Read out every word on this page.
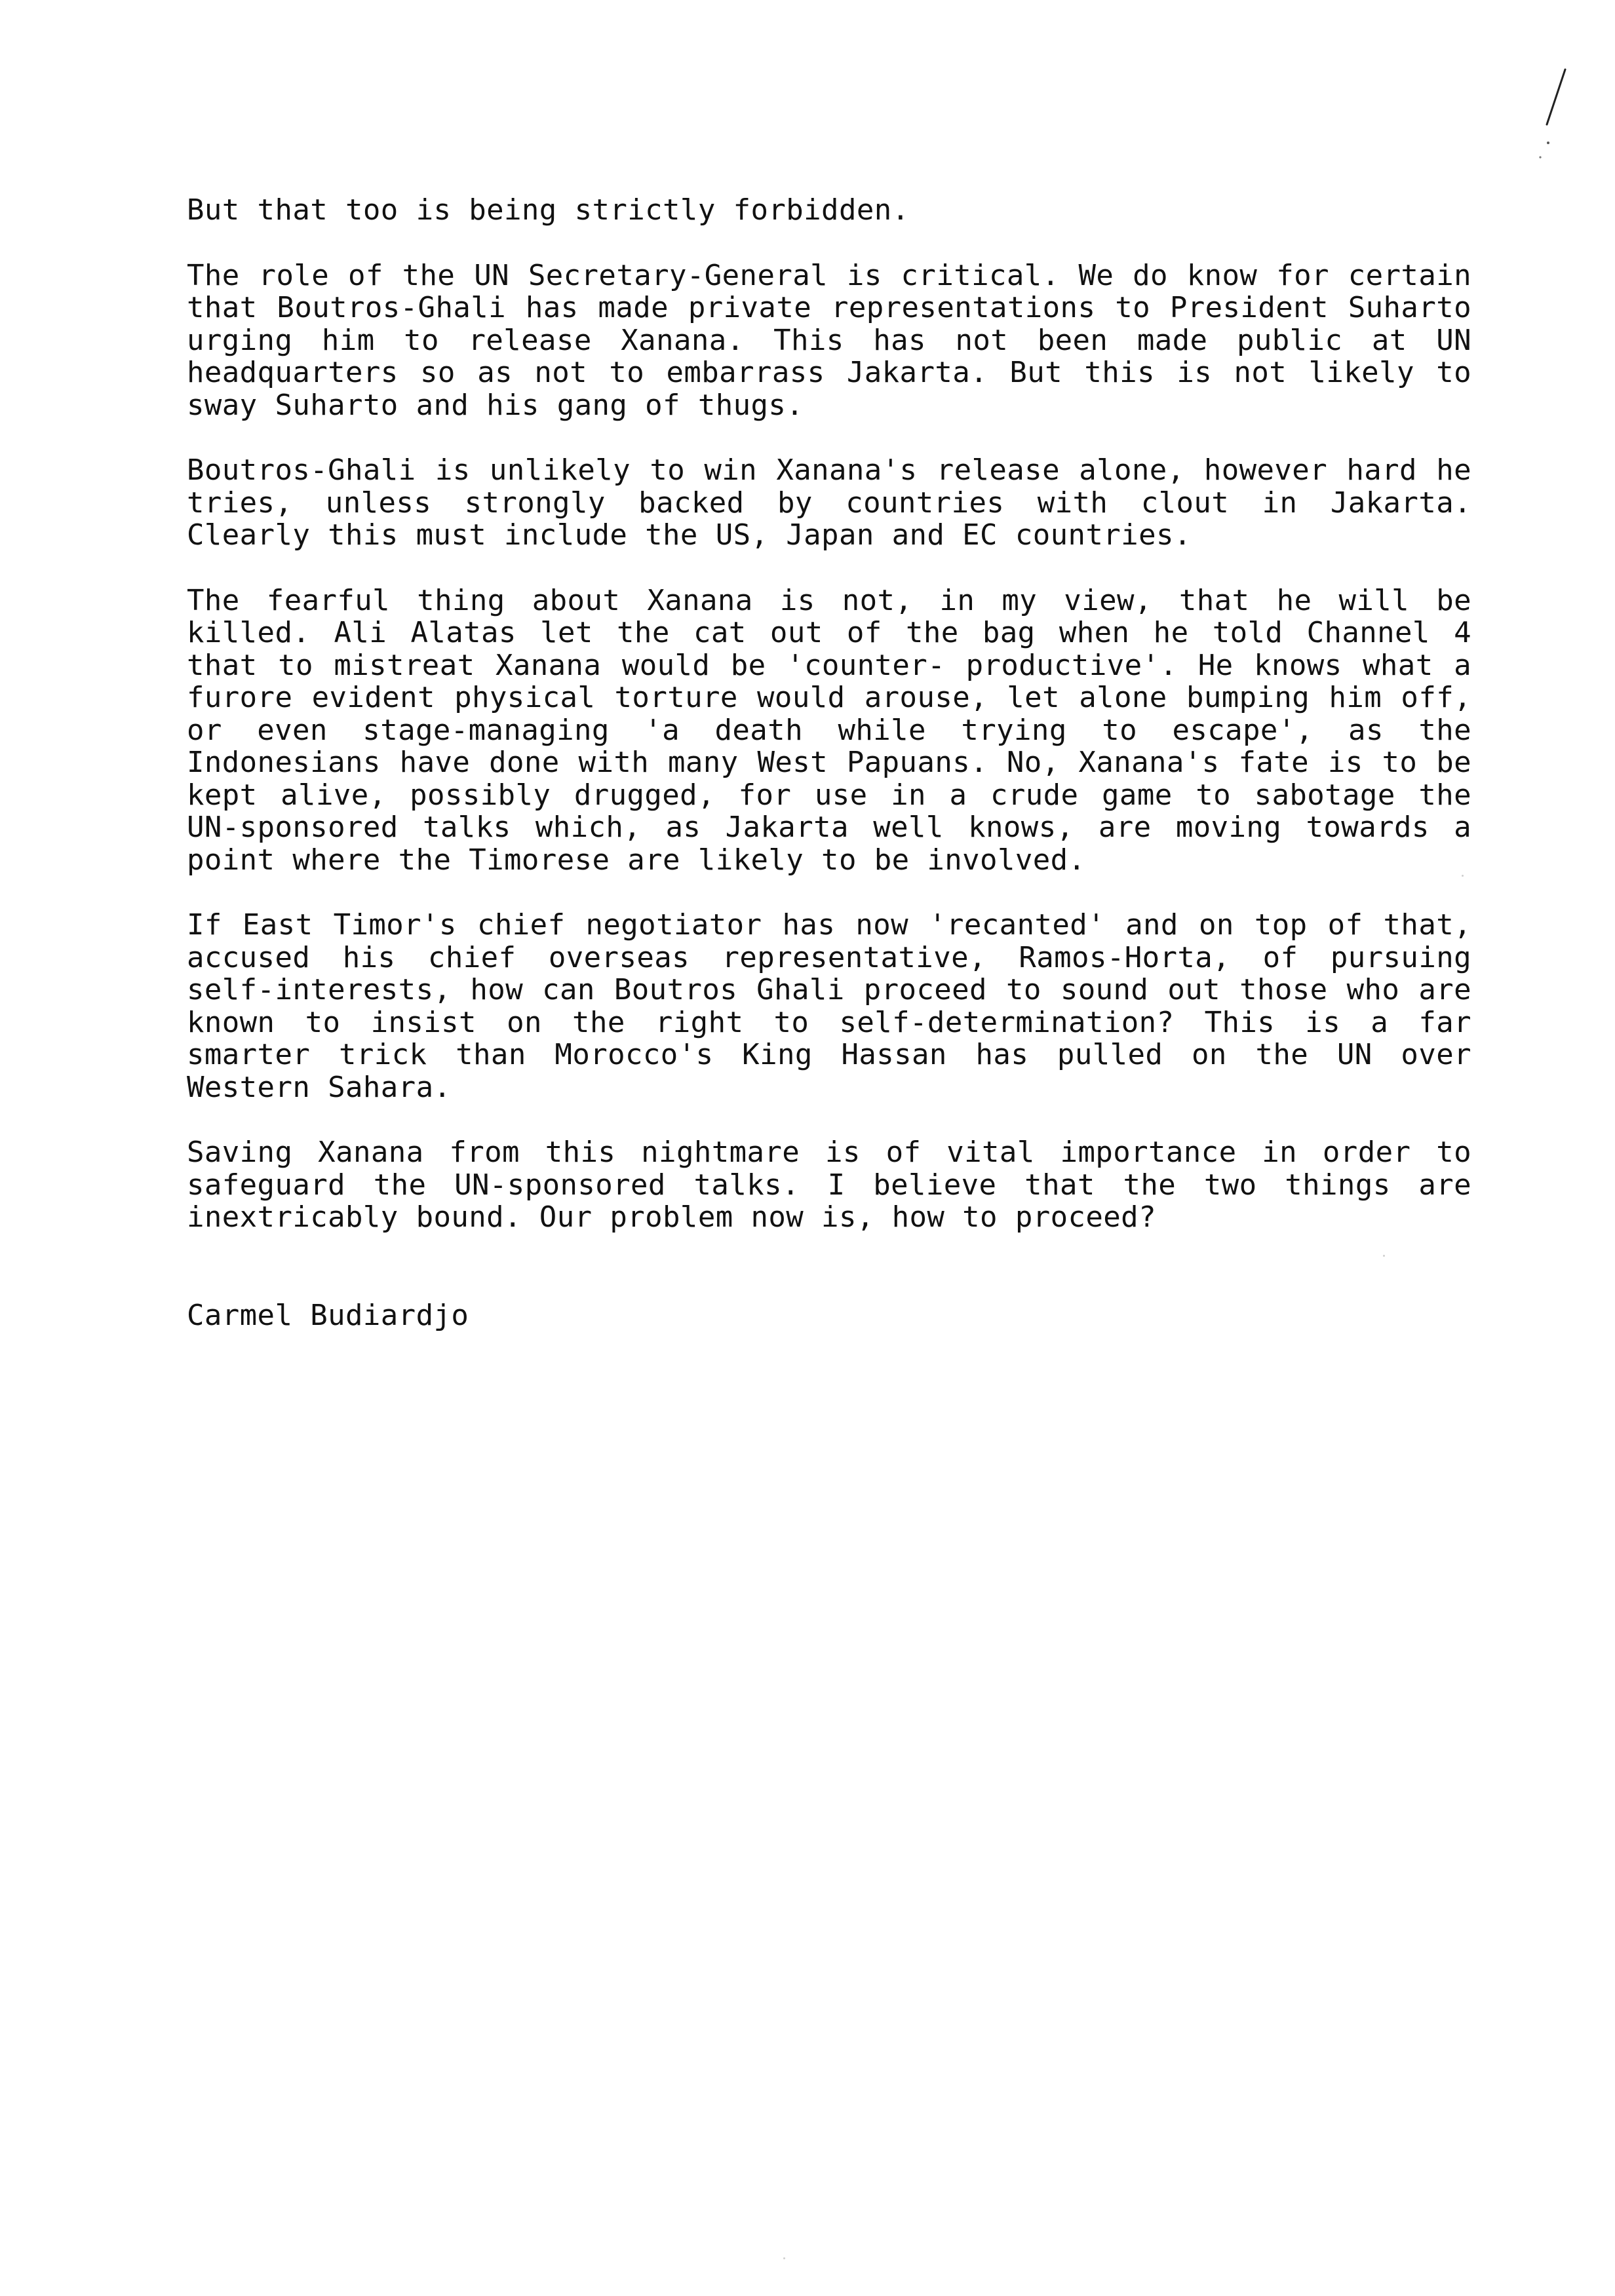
But that too is being strictly forbidden.

The role of the UN Secretary-General is critical. We do know for certain that Boutros-Ghali has made private representations to President Suharto urging him to release Xanana. This has not been made public at UN headquarters so as not to embarrass Jakarta. But this is not likely to sway Suharto and his gang of thugs.

Boutros-Ghali is unlikely to win Xanana's release alone, however hard he tries, unless strongly backed by countries with clout in Jakarta. Clearly this must include the US, Japan and EC countries.

The fearful thing about Xanana is not, in my view, that he will be killed. Ali Alatas let the cat out of the bag when he told Channel 4 that to mistreat Xanana would be 'counter- productive'. He knows what a furore evident physical torture would arouse, let alone bumping him off, or even stage-managing 'a death while trying to escape', as the Indonesians have done with many West Papuans. No, Xanana's fate is to be kept alive, possibly drugged, for use in a crude game to sabotage the UN-sponsored talks which, as Jakarta well knows, are moving towards a point where the Timorese are likely to be involved.

If East Timor's chief negotiator has now 'recanted' and on top of that, accused his chief overseas representative, Ramos-Horta, of pursuing self-interests, how can Boutros Ghali proceed to sound out those who are known to insist on the right to self-determination? This is a far smarter trick than Morocco's King Hassan has pulled on the UN over Western Sahara.

Saving Xanana from this nightmare is of vital importance in order to safeguard the UN-sponsored talks. I believe that the two things are inextricably bound. Our problem now is, how to proceed?

Carmel Budiardjo
